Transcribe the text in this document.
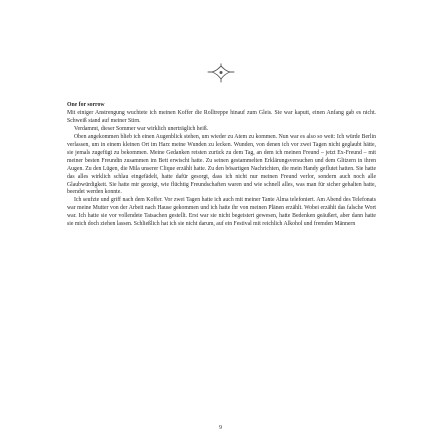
One for sorrow

Mit einiger Anstrengung wuchtete ich meinen Koffer die Rolltreppe hinauf zum Gleis. Sie war kaputt, einen Anfang gab es nicht. Schweiß stand auf meiner Stirn.

Verdammt, dieser Sommer war wirklich unerträglich heiß.

Oben angekommen blieb ich einen Augenblick stehen, um wieder zu Atem zu kommen. Nun war es also so weit: Ich würde Berlin verlassen, um in einem kleinen Ort im Harz meine Wunden zu lecken. Wunden, von denen ich vor zwei Tagen nicht geglaubt hätte, sie jemals zugefügt zu bekommen. Meine Gedanken reisten zurück zu dem Tag, an dem ich meinen Freund – jetzt Ex-Freund – mit meiner besten Freundin zusammen im Bett erwischt hatte. Zu seinen gestammelten Erklärungsversuchen und dem Glitzern in ihren Augen. Zu den Lügen, die Mila unserer Clique erzählt hatte. Zu den bösartigen Nachrichten, die mein Handy geflutet hatten. Sie hatte das alles wirklich schlau eingefädelt, hatte dafür gesorgt, dass ich nicht nur meinen Freund verlor, sondern auch noch alle Glaubwürdigkeit. Sie hatte mir gezeigt, wie flüchtig Freundschaften waren und wie schnell alles, was man für sicher gehalten hatte, beendet werden konnte.

Ich seufzte und griff nach dem Koffer. Vor zwei Tagen hatte ich auch mit meiner Tante Alma telefoniert. Am Abend des Telefonats war meine Mutter von der Arbeit nach Hause gekommen und ich hatte ihr von meinen Plänen erzählt. Wobei erzählt das falsche Wort war. Ich hatte sie vor vollendete Tatsachen gestellt. Erst war sie nicht begeistert gewesen, hatte Bedenken geäußert, aber dann hatte sie mich doch ziehen lassen. Schließlich hat ich sie nicht darum, auf ein Festival mit reichlich Alkohol und fremden Männern

9
